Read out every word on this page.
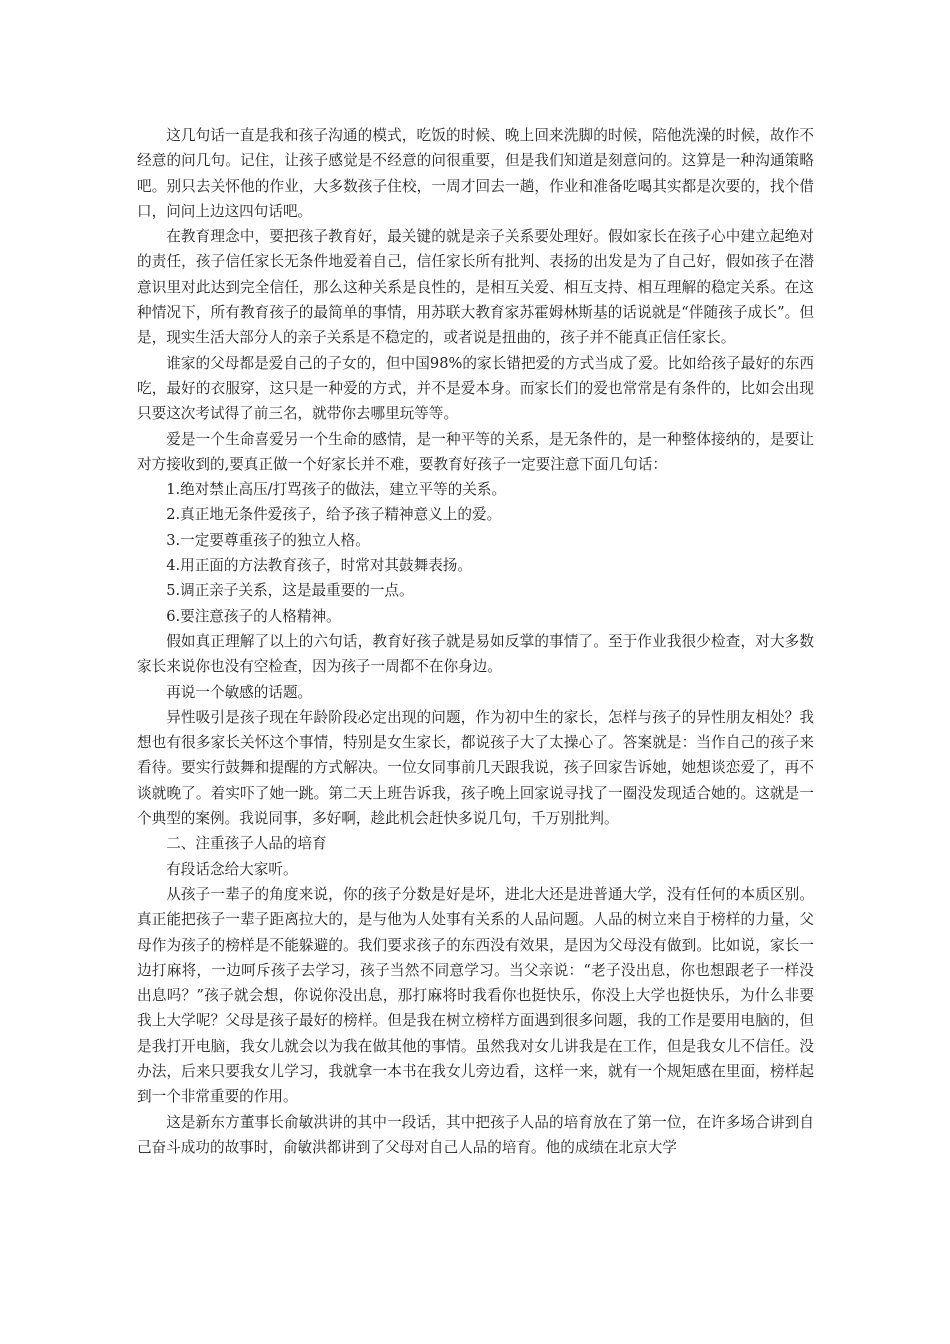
这几句话一直是我和孩子沟通的模式，吃饭的时候、晚上回来洗脚的时候，陪他洗澡的时候，故作不经意的问几句。记住，让孩子感觉是不经意的问很重要，但是我们知道是刻意问的。这算是一种沟通策略吧。别只去关怀他的作业，大多数孩子住校，一周才回去一趟，作业和准备吃喝其实都是次要的，找个借口，问问上边这四句话吧。

在教育理念中，要把孩子教育好，最关键的就是亲子关系要处理好。假如家长在孩子心中建立起绝对的责任，孩子信任家长无条件地爱着自己，信任家长所有批判、表扬的出发是为了自己好，假如孩子在潜意识里对此达到完全信任，那么这种关系是良性的，是相互关爱、相互支持、相互理解的稳定关系。在这种情况下，所有教育孩子的最简单的事情，用苏联大教育家苏霍姆林斯基的话说就是“伴随孩子成长”。但是，现实生活大部分人的亲子关系是不稳定的，或者说是扭曲的，孩子并不能真正信任家长。

谁家的父母都是爱自己的子女的，但中国98%的家长错把爱的方式当成了爱。比如给孩子最好的东西吃，最好的衣服穿，这只是一种爱的方式，并不是爱本身。而家长们的爱也常常是有条件的，比如会出现只要这次考试得了前三名，就带你去哪里玩等等。

爱是一个生命喜爱另一个生命的感情，是一种平等的关系，是无条件的，是一种整体接纳的，是要让对方接收到的,要真正做一个好家长并不难，要教育好孩子一定要注意下面几句话：

1.绝对禁止高压/打骂孩子的做法，建立平等的关系。

2.真正地无条件爱孩子，给予孩子精神意义上的爱。

3.一定要尊重孩子的独立人格。

4.用正面的方法教育孩子，时常对其鼓舞表扬。

5.调正亲子关系，这是最重要的一点。

6.要注意孩子的人格精神。

假如真正理解了以上的六句话，教育好孩子就是易如反掌的事情了。至于作业我很少检查，对大多数家长来说你也没有空检查，因为孩子一周都不在你身边。

再说一个敏感的话题。

异性吸引是孩子现在年龄阶段必定出现的问题，作为初中生的家长，怎样与孩子的异性朋友相处？我想也有很多家长关怀这个事情，特别是女生家长，都说孩子大了太操心了。答案就是：当作自己的孩子来看待。要实行鼓舞和提醒的方式解决。一位女同事前几天跟我说，孩子回家告诉她，她想谈恋爱了，再不谈就晚了。着实吓了她一跳。第二天上班告诉我，孩子晚上回家说寻找了一圈没发现适合她的。这就是一个典型的案例。我说同事，多好啊，趁此机会赶快多说几句，千万别批判。

二、注重孩子人品的培育

有段话念给大家听。

从孩子一辈子的角度来说，你的孩子分数是好是坏，进北大还是进普通大学，没有任何的本质区别。真正能把孩子一辈子距离拉大的，是与他为人处事有关系的人品问题。人品的树立来自于榜样的力量，父母作为孩子的榜样是不能躲避的。我们要求孩子的东西没有效果，是因为父母没有做到。比如说，家长一边打麻将，一边呵斥孩子去学习，孩子当然不同意学习。当父亲说：“老子没出息，你也想跟老子一样没出息吗？”孩子就会想，你说你没出息，那打麻将时我看你也挺快乐，你没上大学也挺快乐，为什么非要我上大学呢？父母是孩子最好的榜样。但是我在树立榜样方面遇到很多问题，我的工作是要用电脑的，但是我打开电脑，我女儿就会以为我在做其他的事情。虽然我对女儿讲我是在工作，但是我女儿不信任。没办法，后来只要我女儿学习，我就拿一本书在我女儿旁边看，这样一来，就有一个规矩感在里面，榜样起到一个非常重要的作用。

这是新东方董事长俞敏洪讲的其中一段话，其中把孩子人品的培育放在了第一位，在许多场合讲到自己奋斗成功的故事时，俞敏洪都讲到了父母对自己人品的培育。他的成绩在北京大学
